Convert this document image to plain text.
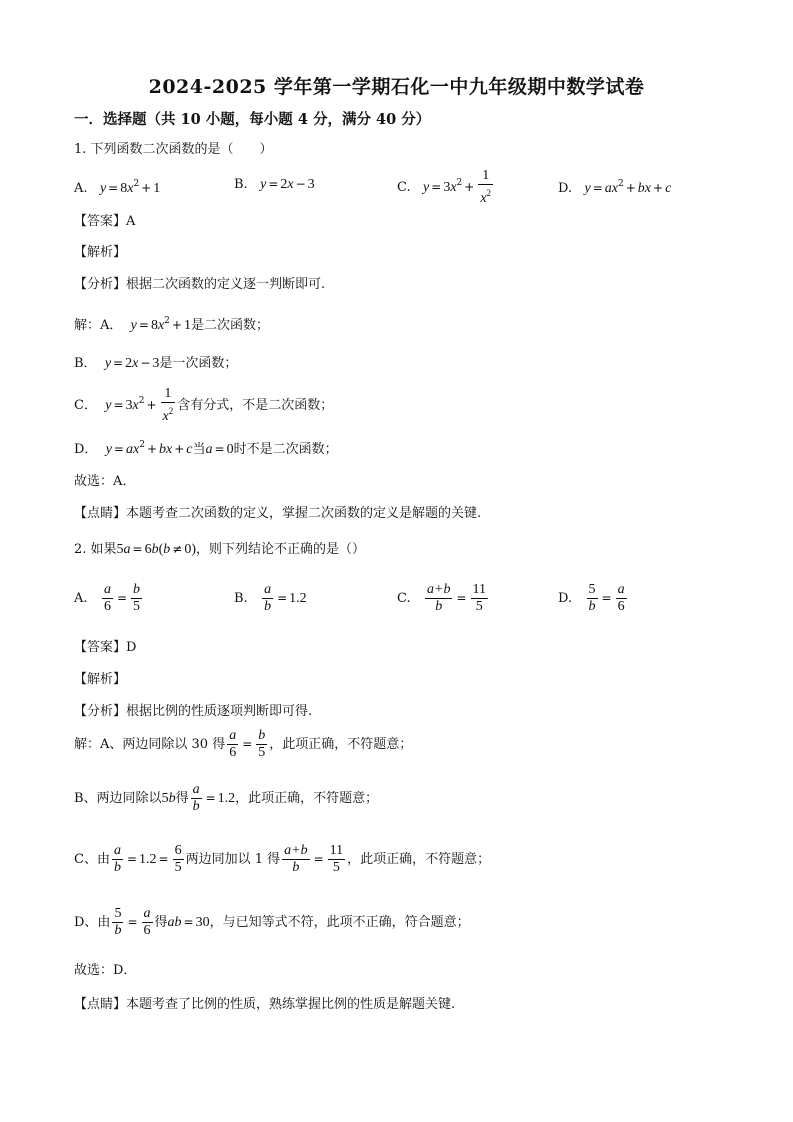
2024-2025 学年第一学期石化一中九年级期中数学试卷
一．选择题（共 10 小题，每小题 4 分，满分 40 分）
1. 下列函数二次函数的是（　　）
A. $y = 8x^2 + 1$	B. y = 2x − 3	C. $y = 3x^2 + \frac{1}{x^2}$	D. $y = ax^2$ + bx + c
【答案】A
【解析】
【分析】根据二次函数的定义逐一判断即可.
解：A． $y = 8x^2 + 1$是二次函数；
B． y = 2x − 3是一次函数；
C． $y = 3x^2 + \frac{1}{x^2}$ 含有分式，不是二次函数；
D． $y = ax^2$ + bx + c当a = 0时不是二次函数；
故选：A．
【点睛】本题考查二次函数的定义，掌握二次函数的定义是解题的关键.
2. 如果5a = 6b(b ≠ 0)，则下列结论不正确的是（）
A. $\frac{a}{6} = \frac{b}{5}$	B. $\frac{a}{b} = 1.2$	C. $\frac{a+b}{b} = \frac{11}{5}$	D. $\frac{5}{b} = \frac{a}{6}$
【答案】D
【解析】
【分析】根据比例的性质逐项判断即可得.
解：A、两边同除以 30 得 $\frac{a}{6} = \frac{b}{5}$ ，此项正确，不符题意；
B、两边同除以5b得 $\frac{a}{b} = 1.2$，此项正确，不符题意；
C、由 $\frac{a}{b} = 1.2 = \frac{6}{5}$ 两边同加以 1 得 $\frac{a+b}{b} = \frac{11}{5}$ ，此项正确，不符题意；
D、由 $\frac{5}{b} = \frac{a}{6}$ 得ab = 30，与已知等式不符，此项不正确，符合题意；
故选：D．
【点睛】本题考查了比例的性质，熟练掌握比例的性质是解题关键.
